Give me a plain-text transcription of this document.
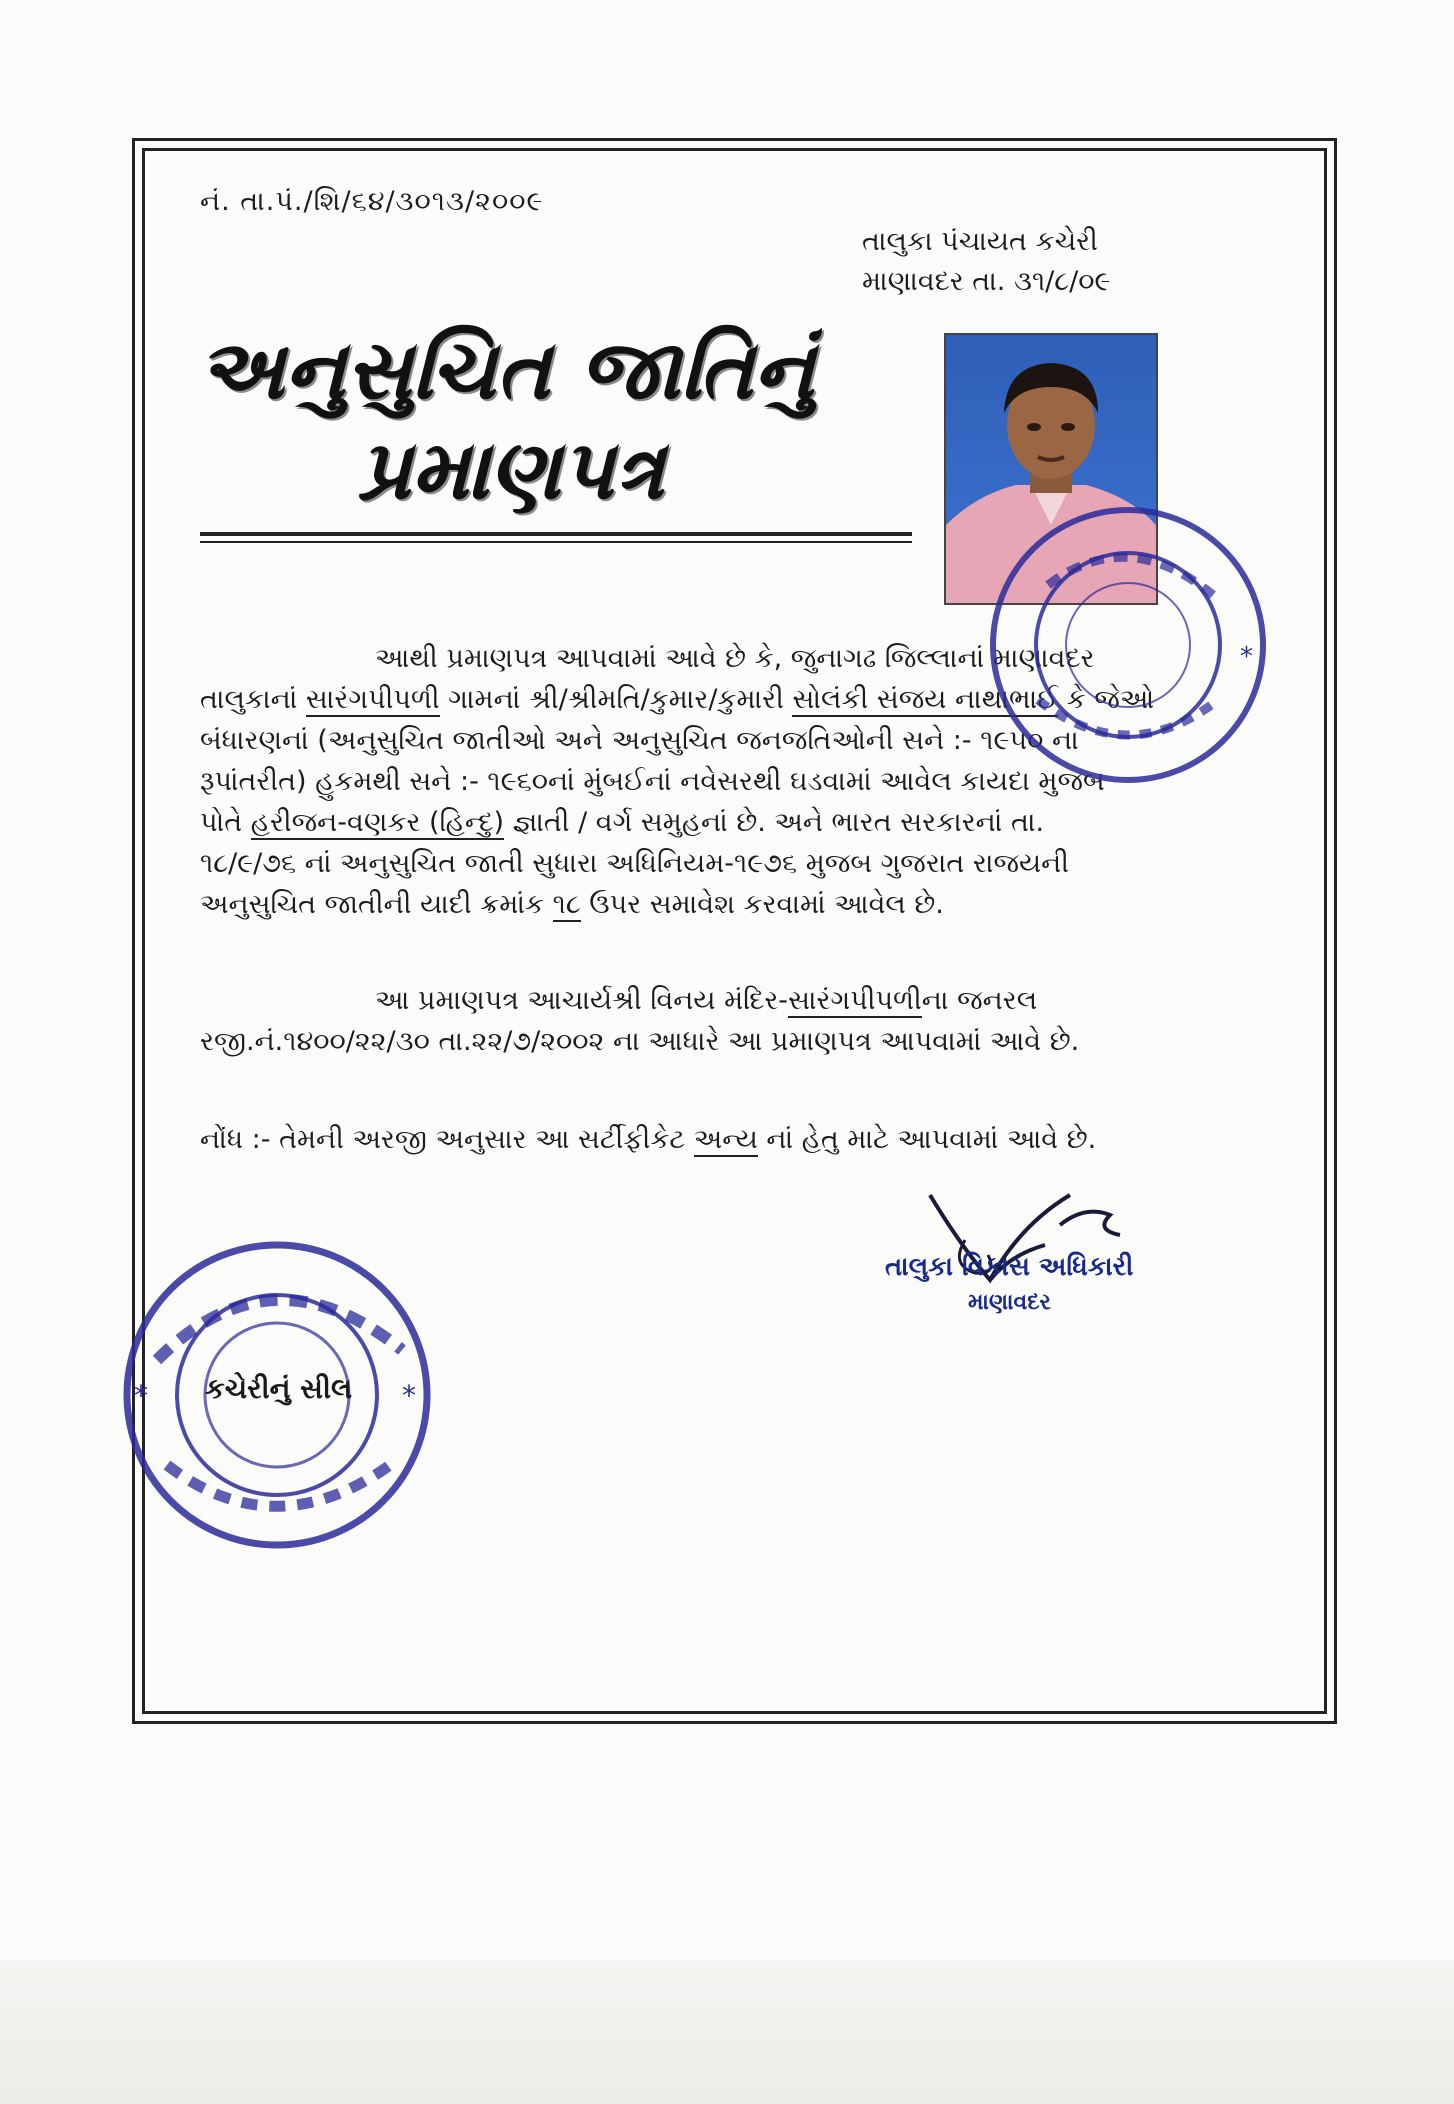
નં. તા.પં./શિ/૬૪/૩૦૧૩/૨૦૦૯
તાલુકા પંચાયત કચેરી
માણાવદર તા. ૩૧/૮/૦૯
અનુસુચિત જાતિનું
પ્રમાણપત્ર
આથી પ્રમાણપત્ર આપવામાં આવે છે કે, જુનાગઢ જિલ્લાનાં માણાવદર
તાલુકાનાં સારંગપીપળી ગામનાં શ્રી/શ્રીમતિ/કુમાર/કુમારી સોલંકી સંજય નાથાભાઈ કે જેઓ
બંધારણનાં (અનુસુચિત જાતીઓ અને અનુસુચિત જનજતિઓની સને :- ૧૯૫૦ ના
રૂપાંતરીત) હુકમથી સને :- ૧૯૬૦નાં મુંબઈનાં નવેસરથી ઘડવામાં આવેલ કાયદા મુજબ
પોતે હરીજન-વણકર (હિન્દુ) જ્ઞાતી / વર્ગ સમુહનાં છે. અને ભારત સરકારનાં તા.
૧૮/૯/૭૬ નાં અનુસુચિત જાતી સુધારા અધિનિયમ-૧૯૭૬ મુજબ ગુજરાત રાજયની
અનુસુચિત જાતીની યાદી ક્રમાંક ૧૮ ઉપર સમાવેશ કરવામાં આવેલ છે.
આ પ્રમાણપત્ર આચાર્યશ્રી વિનય મંદિર-સારંગપીપળીના જનરલ
રજી.નં.૧૪૦૦/૨૨/૩૦ તા.૨૨/૭/૨૦૦૨ ના આધારે આ પ્રમાણપત્ર આપવામાં આવે છે.
નોંધ :- તેમની અરજી અનુસાર આ સર્ટીફીકેટ અન્ય નાં હેતુ માટે આપવામાં આવે છે.
*
તાલુકા વિકાસ અધિકારી
માણાવદર
*
* કચેરીનું સીલ
